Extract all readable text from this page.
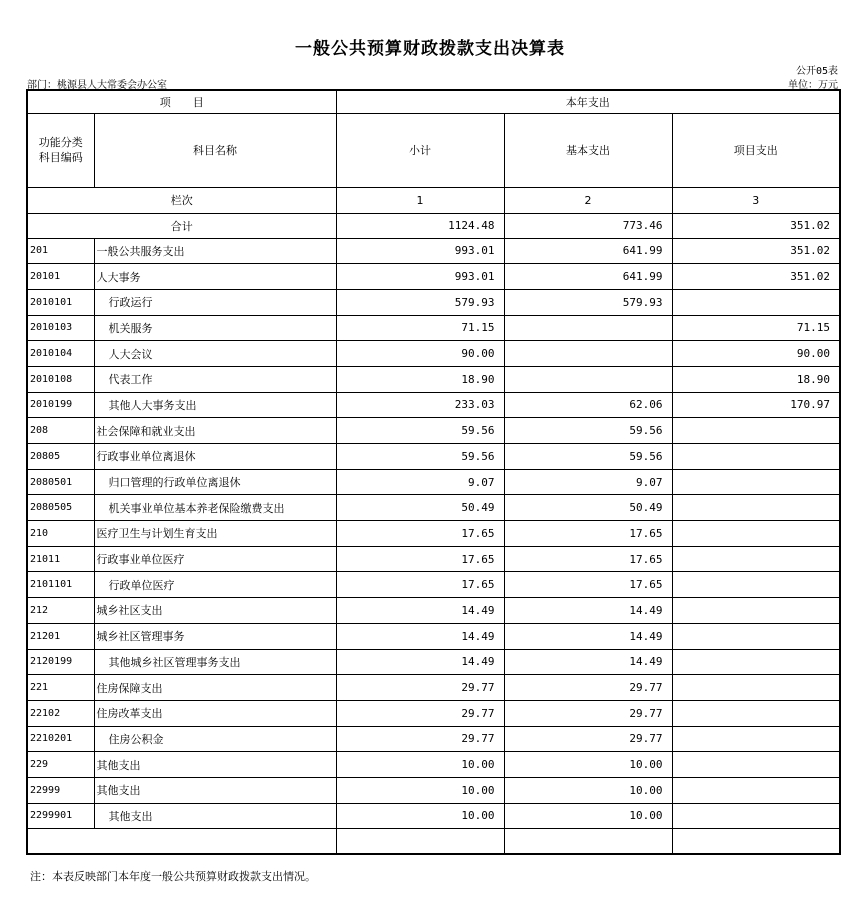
一般公共预算财政拨款支出决算表
公开05表
部门：桃源县人大常委会办公室	单位：万元
项　　目		本年支出		
功能分类
科目编码	科目名称	小计	基本支出	项目支出
栏次		1	2	3
合计		1124.48	773.46	351.02
201	一般公共服务支出	993.01	641.99	351.02
20101	人大事务	993.01	641.99	351.02
2010101	行政运行	579.93	579.93	
2010103	机关服务	71.15		71.15
2010104	人大会议	90.00		90.00
2010108	代表工作	18.90		18.90
2010199	其他人大事务支出	233.03	62.06	170.97
208	社会保障和就业支出	59.56	59.56	
20805	行政事业单位离退休	59.56	59.56	
2080501	归口管理的行政单位离退休	9.07	9.07	
2080505	机关事业单位基本养老保险缴费支出	50.49	50.49	
210	医疗卫生与计划生育支出	17.65	17.65	
21011	行政事业单位医疗	17.65	17.65	
2101101	行政单位医疗	17.65	17.65	
212	城乡社区支出	14.49	14.49	
21201	城乡社区管理事务	14.49	14.49	
2120199	其他城乡社区管理事务支出	14.49	14.49	
221	住房保障支出	29.77	29.77	
22102	住房改革支出	29.77	29.77	
2210201	住房公积金	29.77	29.77	
229	其他支出	10.00	10.00	
22999	其他支出	10.00	10.00	
2299901	其他支出	10.00	10.00	

注：本表反映部门本年度一般公共预算财政拨款支出情况。
